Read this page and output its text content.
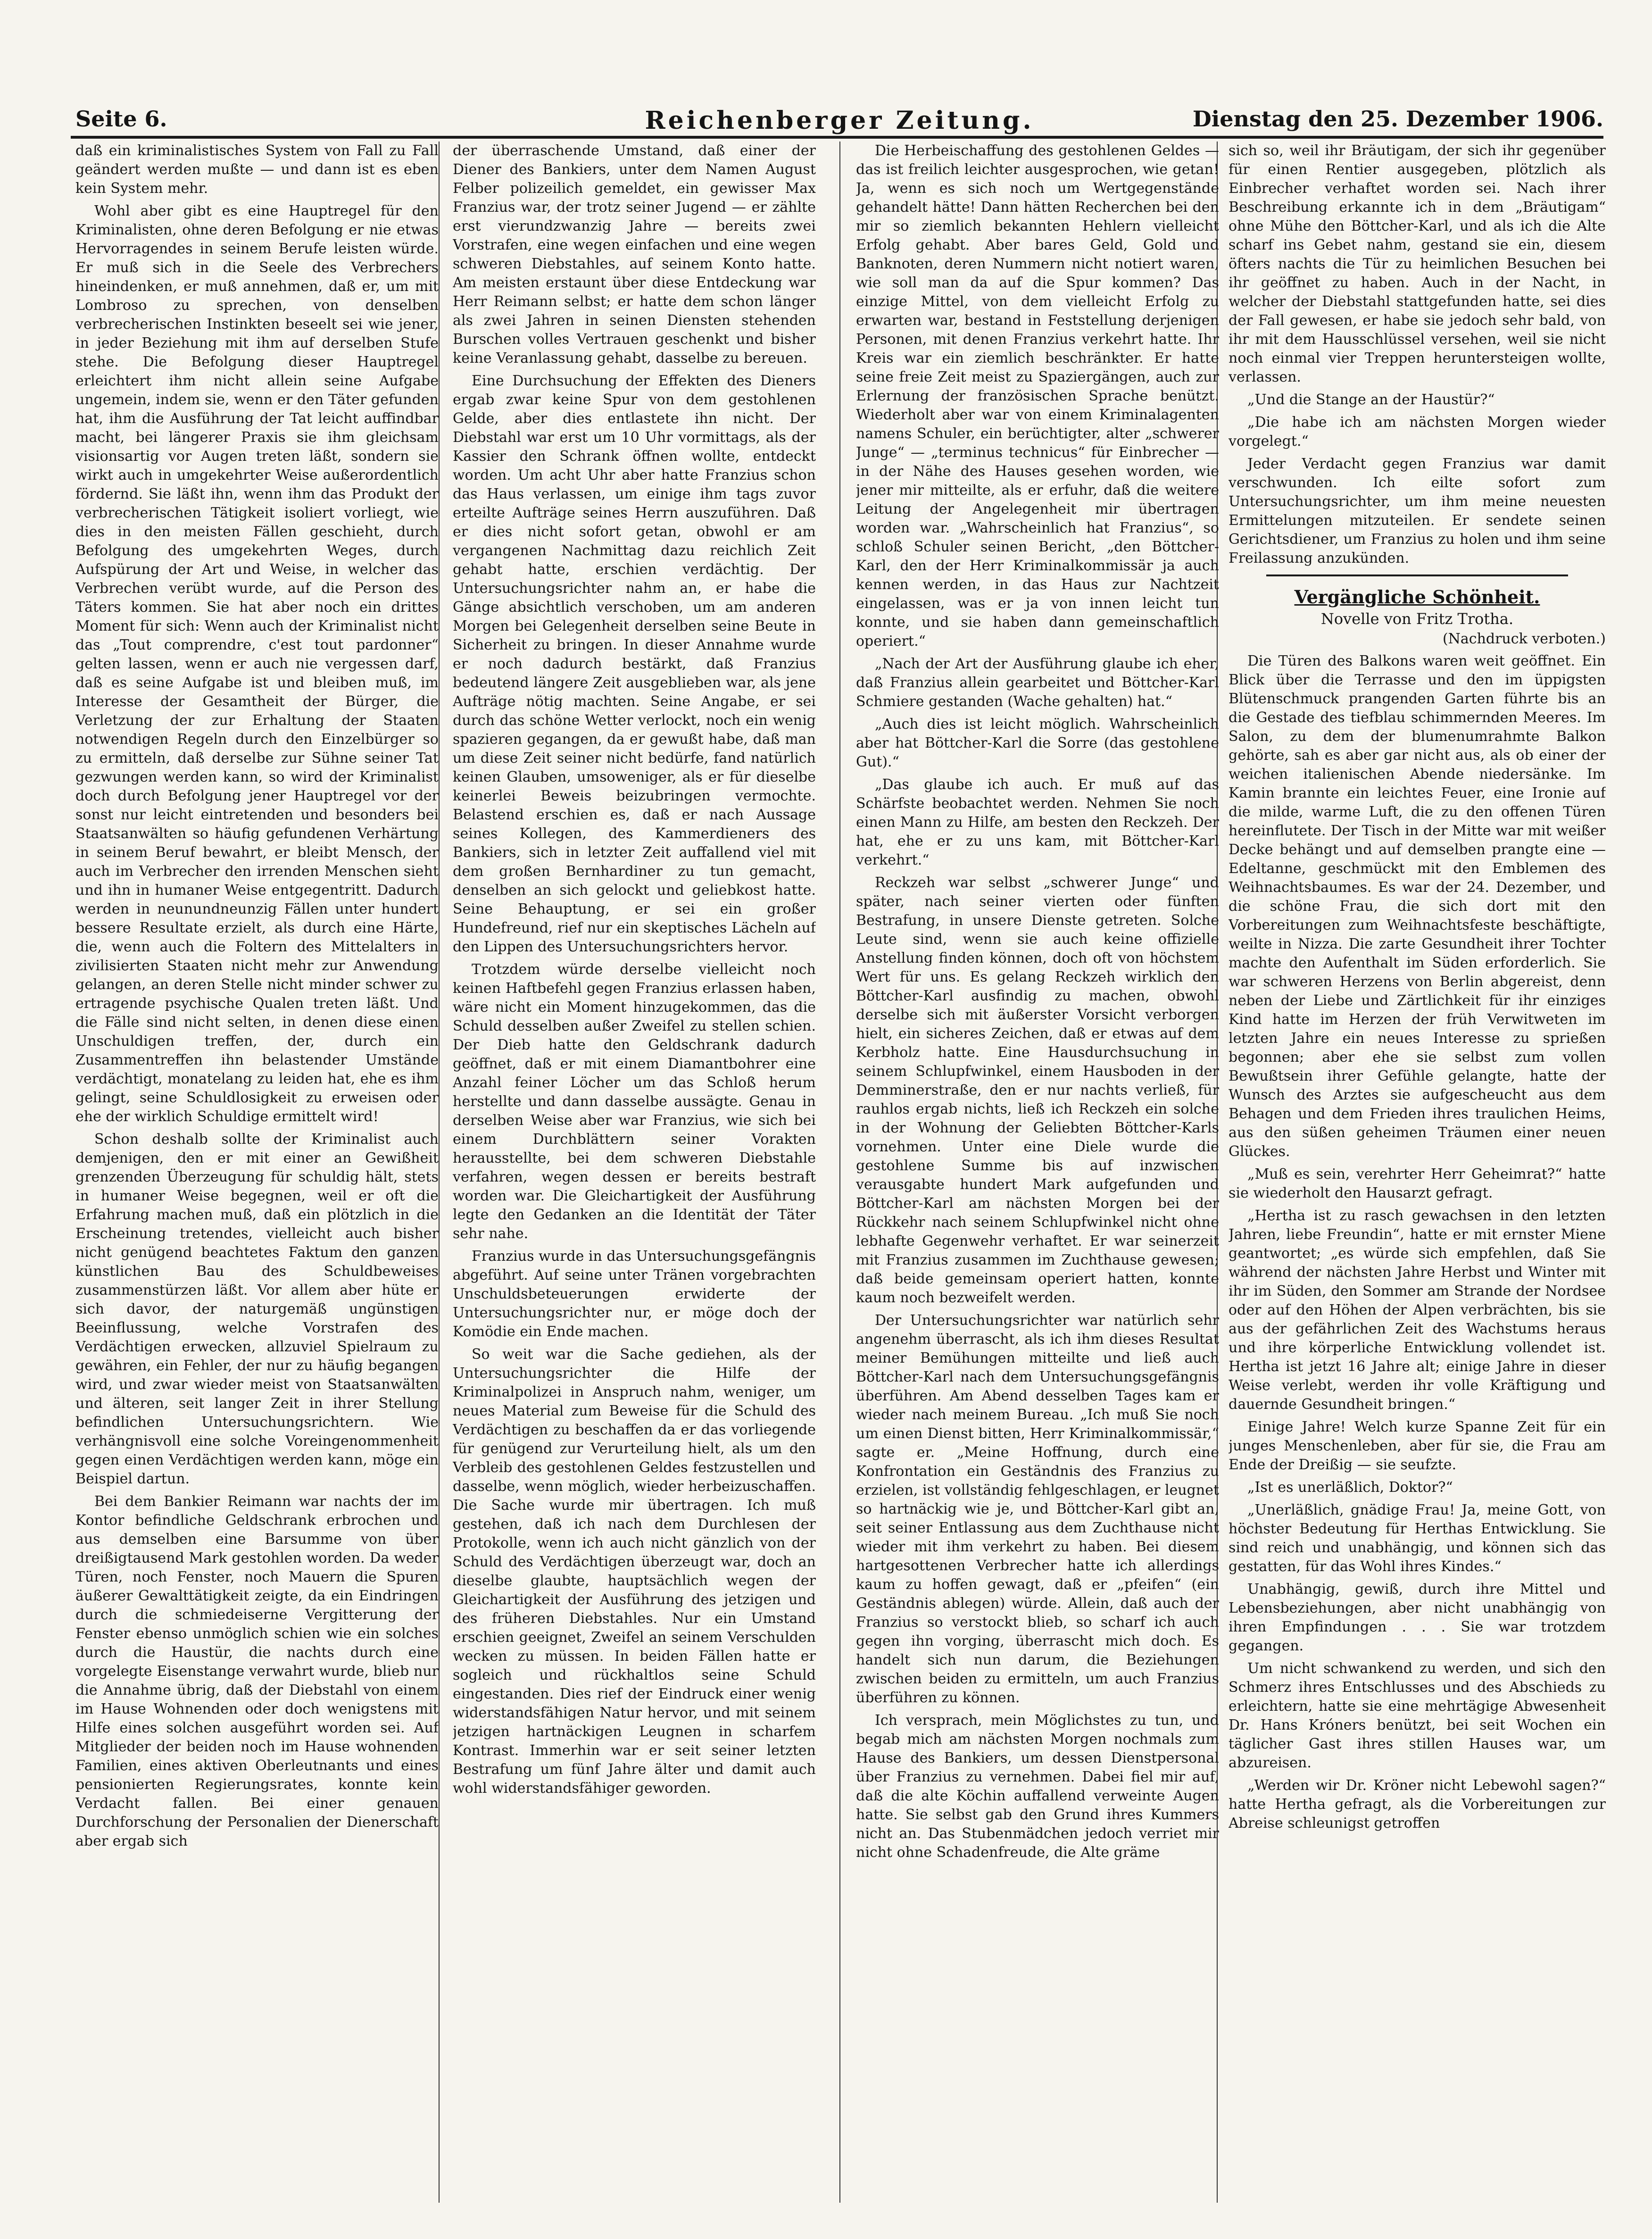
Seite 6.	Reichenberger Zeitung.	Dienstag den 25. Dezember 1906.

daß ein kriminalistisches System von Fall zu Fall geändert werden mußte — und dann ist es eben kein System mehr.

Wohl aber gibt es eine Hauptregel für den Kriminalisten, ohne deren Befolgung er nie etwas Hervorragendes in seinem Berufe leisten würde. Er muß sich in die Seele des Verbrechers hineindenken, er muß annehmen, daß er, um mit Lombroso zu sprechen, von denselben verbrecherischen Instinkten beseelt sei wie jener, in jeder Beziehung mit ihm auf derselben Stufe stehe. Die Befolgung dieser Hauptregel erleichtert ihm nicht allein seine Aufgabe ungemein, indem sie, wenn er den Täter gefunden hat, ihm die Ausführung der Tat leicht auffindbar macht, bei längerer Praxis sie ihm gleichsam visionsartig vor Augen treten läßt, sondern sie wirkt auch in umgekehrter Weise außerordentlich fördernd. Sie läßt ihn, wenn ihm das Produkt der verbrecherischen Tätigkeit isoliert vorliegt, wie dies in den meisten Fällen geschieht, durch Befolgung des umgekehrten Weges, durch Aufspürung der Art und Weise, in welcher das Verbrechen verübt wurde, auf die Person des Täters kommen. Sie hat aber noch ein drittes Moment für sich: Wenn auch der Kriminalist nicht das „Tout comprendre, c'est tout pardonner“ gelten lassen, wenn er auch nie vergessen darf, daß es seine Aufgabe ist und bleiben muß, im Interesse der Gesamtheit der Bürger, die Verletzung der zur Erhaltung der Staaten notwendigen Regeln durch den Einzelbürger so zu ermitteln, daß derselbe zur Sühne seiner Tat gezwungen werden kann, so wird der Kriminalist doch durch Befolgung jener Hauptregel vor der sonst nur leicht eintretenden und besonders bei Staatsanwälten so häufig gefundenen Verhärtung in seinem Beruf bewahrt, er bleibt Mensch, der auch im Verbrecher den irrenden Menschen sieht und ihn in humaner Weise entgegentritt. Dadurch werden in neunundneunzig Fällen unter hundert bessere Resultate erzielt, als durch eine Härte, die, wenn auch die Foltern des Mittelalters in zivilisierten Staaten nicht mehr zur Anwendung gelangen, an deren Stelle nicht minder schwer zu ertragende psychische Qualen treten läßt. Und die Fälle sind nicht selten, in denen diese einen Unschuldigen treffen, der, durch ein Zusammentreffen ihn belastender Umstände verdächtigt, monatelang zu leiden hat, ehe es ihm gelingt, seine Schuldlosigkeit zu erweisen oder ehe der wirklich Schuldige ermittelt wird!

Schon deshalb sollte der Kriminalist auch demjenigen, den er mit einer an Gewißheit grenzenden Überzeugung für schuldig hält, stets in humaner Weise begegnen, weil er oft die Erfahrung machen muß, daß ein plötzlich in die Erscheinung tretendes, vielleicht auch bisher nicht genügend beachtetes Faktum den ganzen künstlichen Bau des Schuldbeweises zusammenstürzen läßt. Vor allem aber hüte er sich davor, der naturgemäß ungünstigen Beeinflussung, welche Vorstrafen des Verdächtigen erwecken, allzuviel Spielraum zu gewähren, ein Fehler, der nur zu häufig begangen wird, und zwar wieder meist von Staatsanwälten und älteren, seit langer Zeit in ihrer Stellung befindlichen Untersuchungsrichtern. Wie verhängnisvoll eine solche Voreingenommenheit gegen einen Verdächtigen werden kann, möge ein Beispiel dartun.

Bei dem Bankier Reimann war nachts der im Kontor befindliche Geldschrank erbrochen und aus demselben eine Barsumme von über dreißigtausend Mark gestohlen worden. Da weder Türen, noch Fenster, noch Mauern die Spuren äußerer Gewalttätigkeit zeigte, da ein Eindringen durch die schmiedeiserne Vergitterung der Fenster ebenso unmöglich schien wie ein solches durch die Haustür, die nachts durch eine vorgelegte Eisenstange verwahrt wurde, blieb nur die Annahme übrig, daß der Diebstahl von einem im Hause Wohnenden oder doch wenigstens mit Hilfe eines solchen ausgeführt worden sei. Auf Mitglieder der beiden noch im Hause wohnenden Familien, eines aktiven Oberleutnants und eines pensionierten Regierungsrates, konnte kein Verdacht fallen. Bei einer genauen Durchforschung der Personalien der Dienerschaft aber ergab sich

der überraschende Umstand, daß einer der Diener des Bankiers, unter dem Namen August Felber polizeilich gemeldet, ein gewisser Max Franzius war, der trotz seiner Jugend — er zählte erst vierundzwanzig Jahre — bereits zwei Vorstrafen, eine wegen einfachen und eine wegen schweren Diebstahles, auf seinem Konto hatte. Am meisten erstaunt über diese Entdeckung war Herr Reimann selbst; er hatte dem schon länger als zwei Jahren in seinen Diensten stehenden Burschen volles Vertrauen geschenkt und bisher keine Veranlassung gehabt, dasselbe zu bereuen.

Eine Durchsuchung der Effekten des Dieners ergab zwar keine Spur von dem gestohlenen Gelde, aber dies entlastete ihn nicht. Der Diebstahl war erst um 10 Uhr vormittags, als der Kassier den Schrank öffnen wollte, entdeckt worden. Um acht Uhr aber hatte Franzius schon das Haus verlassen, um einige ihm tags zuvor erteilte Aufträge seines Herrn auszuführen. Daß er dies nicht sofort getan, obwohl er am vergangenen Nachmittag dazu reichlich Zeit gehabt hatte, erschien verdächtig. Der Untersuchungsrichter nahm an, er habe die Gänge absichtlich verschoben, um am anderen Morgen bei Gelegenheit derselben seine Beute in Sicherheit zu bringen. In dieser Annahme wurde er noch dadurch bestärkt, daß Franzius bedeutend längere Zeit ausgeblieben war, als jene Aufträge nötig machten. Seine Angabe, er sei durch das schöne Wetter verlockt, noch ein wenig spazieren gegangen, da er gewußt habe, daß man um diese Zeit seiner nicht bedürfe, fand natürlich keinen Glauben, umsoweniger, als er für dieselbe keinerlei Beweis beizubringen vermochte. Belastend erschien es, daß er nach Aussage seines Kollegen, des Kammerdieners des Bankiers, sich in letzter Zeit auffallend viel mit dem großen Bernhardiner zu tun gemacht, denselben an sich gelockt und geliebkost hatte. Seine Behauptung, er sei ein großer Hundefreund, rief nur ein skeptisches Lächeln auf den Lippen des Untersuchungsrichters hervor.

Trotzdem würde derselbe vielleicht noch keinen Haftbefehl gegen Franzius erlassen haben, wäre nicht ein Moment hinzugekommen, das die Schuld desselben außer Zweifel zu stellen schien. Der Dieb hatte den Geldschrank dadurch geöffnet, daß er mit einem Diamantbohrer eine Anzahl feiner Löcher um das Schloß herum herstellte und dann dasselbe aussägte. Genau in derselben Weise aber war Franzius, wie sich bei einem Durchblättern seiner Vorakten herausstellte, bei dem schweren Diebstahle verfahren, wegen dessen er bereits bestraft worden war. Die Gleichartigkeit der Ausführung legte den Gedanken an die Identität der Täter sehr nahe.

Franzius wurde in das Untersuchungsgefängnis abgeführt. Auf seine unter Tränen vorgebrachten Unschuldsbeteuerungen erwiderte der Untersuchungsrichter nur, er möge doch der Komödie ein Ende machen.

So weit war die Sache gediehen, als der Untersuchungsrichter die Hilfe der Kriminalpolizei in Anspruch nahm, weniger, um neues Material zum Beweise für die Schuld des Verdächtigen zu beschaffen da er das vorliegende für genügend zur Verurteilung hielt, als um den Verbleib des gestohlenen Geldes festzustellen und dasselbe, wenn möglich, wieder herbeizuschaffen. Die Sache wurde mir übertragen. Ich muß gestehen, daß ich nach dem Durchlesen der Protokolle, wenn ich auch nicht gänzlich von der Schuld des Verdächtigen überzeugt war, doch an dieselbe glaubte, hauptsächlich wegen der Gleichartigkeit der Ausführung des jetzigen und des früheren Diebstahles. Nur ein Umstand erschien geeignet, Zweifel an seinem Verschulden wecken zu müssen. In beiden Fällen hatte er sogleich und rückhaltlos seine Schuld eingestanden. Dies rief der Eindruck einer wenig widerstandsfähigen Natur hervor, und mit seinem jetzigen hartnäckigen Leugnen in scharfem Kontrast. Immerhin war er seit seiner letzten Bestrafung um fünf Jahre älter und damit auch wohl widerstandsfähiger geworden.

Die Herbeischaffung des gestohlenen Geldes — das ist freilich leichter ausgesprochen, wie getan! Ja, wenn es sich noch um Wertgegenstände gehandelt hätte! Dann hätten Recherchen bei den mir so ziemlich bekannten Hehlern vielleicht Erfolg gehabt. Aber bares Geld, Gold und Banknoten, deren Nummern nicht notiert waren, wie soll man da auf die Spur kommen? Das einzige Mittel, von dem vielleicht Erfolg zu erwarten war, bestand in Feststellung derjenigen Personen, mit denen Franzius verkehrt hatte. Ihr Kreis war ein ziemlich beschränkter. Er hatte seine freie Zeit meist zu Spaziergängen, auch zur Erlernung der französischen Sprache benützt. Wiederholt aber war von einem Kriminalagenten namens Schuler, ein berüchtigter, alter „schwerer Junge“ — „terminus technicus“ für Einbrecher — in der Nähe des Hauses gesehen worden, wie jener mir mitteilte, als er erfuhr, daß die weitere Leitung der Angelegenheit mir übertragen worden war. „Wahrscheinlich hat Franzius“, so schloß Schuler seinen Bericht, „den Böttcher-Karl, den der Herr Kriminalkommissär ja auch kennen werden, in das Haus zur Nachtzeit eingelassen, was er ja von innen leicht tun konnte, und sie haben dann gemeinschaftlich operiert.“

„Nach der Art der Ausführung glaube ich eher, daß Franzius allein gearbeitet und Böttcher-Karl Schmiere gestanden (Wache gehalten) hat.“

„Auch dies ist leicht möglich. Wahrscheinlich aber hat Böttcher-Karl die Sorre (das gestohlene Gut).“

„Das glaube ich auch. Er muß auf das Schärfste beobachtet werden. Nehmen Sie noch einen Mann zu Hilfe, am besten den Reckzeh. Der hat, ehe er zu uns kam, mit Böttcher-Karl verkehrt.“

Reckzeh war selbst „schwerer Junge“ und später, nach seiner vierten oder fünften Bestrafung, in unsere Dienste getreten. Solche Leute sind, wenn sie auch keine offizielle Anstellung finden können, doch oft von höchstem Wert für uns. Es gelang Reckzeh wirklich den Böttcher-Karl ausfindig zu machen, obwohl derselbe sich mit äußerster Vorsicht verborgen hielt, ein sicheres Zeichen, daß er etwas auf dem Kerbholz hatte. Eine Hausdurchsuchung in seinem Schlupfwinkel, einem Hausboden in der Demminerstraße, den er nur nachts verließ, für rauhlos ergab nichts, ließ ich Reckzeh ein solche in der Wohnung der Geliebten Böttcher-Karls vornehmen. Unter eine Diele wurde die gestohlene Summe bis auf inzwischen verausgabte hundert Mark aufgefunden und Böttcher-Karl am nächsten Morgen bei der Rückkehr nach seinem Schlupfwinkel nicht ohne lebhafte Gegenwehr verhaftet. Er war seinerzeit mit Franzius zusammen im Zuchthause gewesen; daß beide gemeinsam operiert hatten, konnte kaum noch bezweifelt werden.

Der Untersuchungsrichter war natürlich sehr angenehm überrascht, als ich ihm dieses Resultat meiner Bemühungen mitteilte und ließ auch Böttcher-Karl nach dem Untersuchungsgefängnis überführen. Am Abend desselben Tages kam er wieder nach meinem Bureau. „Ich muß Sie noch um einen Dienst bitten, Herr Kriminalkommissär,“ sagte er. „Meine Hoffnung, durch eine Konfrontation ein Geständnis des Franzius zu erzielen, ist vollständig fehlgeschlagen, er leugnet so hartnäckig wie je, und Böttcher-Karl gibt an, seit seiner Entlassung aus dem Zuchthause nicht wieder mit ihm verkehrt zu haben. Bei diesem hartgesottenen Verbrecher hatte ich allerdings kaum zu hoffen gewagt, daß er „pfeifen“ (ein Geständnis ablegen) würde. Allein, daß auch der Franzius so verstockt blieb, so scharf ich auch gegen ihn vorging, überrascht mich doch. Es handelt sich nun darum, die Beziehungen zwischen beiden zu ermitteln, um auch Franzius überführen zu können.

Ich versprach, mein Möglichstes zu tun, und begab mich am nächsten Morgen nochmals zum Hause des Bankiers, um dessen Dienstpersonal über Franzius zu vernehmen. Dabei fiel mir auf, daß die alte Köchin auffallend verweinte Augen hatte. Sie selbst gab den Grund ihres Kummers nicht an. Das Stubenmädchen jedoch verriet mir nicht ohne Schadenfreude, die Alte gräme

sich so, weil ihr Bräutigam, der sich ihr gegenüber für einen Rentier ausgegeben, plötzlich als Einbrecher verhaftet worden sei. Nach ihrer Beschreibung erkannte ich in dem „Bräutigam“ ohne Mühe den Böttcher-Karl, und als ich die Alte scharf ins Gebet nahm, gestand sie ein, diesem öfters nachts die Tür zu heimlichen Besuchen bei ihr geöffnet zu haben. Auch in der Nacht, in welcher der Diebstahl stattgefunden hatte, sei dies der Fall gewesen, er habe sie jedoch sehr bald, von ihr mit dem Hausschlüssel versehen, weil sie nicht noch einmal vier Treppen heruntersteigen wollte, verlassen.

„Und die Stange an der Haustür?“

„Die habe ich am nächsten Morgen wieder vorgelegt.“

Jeder Verdacht gegen Franzius war damit verschwunden. Ich eilte sofort zum Untersuchungsrichter, um ihm meine neuesten Ermittelungen mitzuteilen. Er sendete seinen Gerichtsdiener, um Franzius zu holen und ihm seine Freilassung anzukünden.

Vergängliche Schönheit.
Novelle von Fritz Trotha.
(Nachdruck verboten.)

Die Türen des Balkons waren weit geöffnet. Ein Blick über die Terrasse und den im üppigsten Blütenschmuck prangenden Garten führte bis an die Gestade des tiefblau schimmernden Meeres. Im Salon, zu dem der blumenumrahmte Balkon gehörte, sah es aber gar nicht aus, als ob einer der weichen italienischen Abende niedersänke. Im Kamin brannte ein leichtes Feuer, eine Ironie auf die milde, warme Luft, die zu den offenen Türen hereinflutete. Der Tisch in der Mitte war mit weißer Decke behängt und auf demselben prangte eine — Edeltanne, geschmückt mit den Emblemen des Weihnachtsbaumes. Es war der 24. Dezember, und die schöne Frau, die sich dort mit den Vorbereitungen zum Weihnachtsfeste beschäftigte, weilte in Nizza. Die zarte Gesundheit ihrer Tochter machte den Aufenthalt im Süden erforderlich. Sie war schweren Herzens von Berlin abgereist, denn neben der Liebe und Zärtlichkeit für ihr einziges Kind hatte im Herzen der früh Verwitweten im letzten Jahre ein neues Interesse zu sprießen begonnen; aber ehe sie selbst zum vollen Bewußtsein ihrer Gefühle gelangte, hatte der Wunsch des Arztes sie aufgescheucht aus dem Behagen und dem Frieden ihres traulichen Heims, aus den süßen geheimen Träumen einer neuen Glückes.

„Muß es sein, verehrter Herr Geheimrat?“ hatte sie wiederholt den Hausarzt gefragt.

„Hertha ist zu rasch gewachsen in den letzten Jahren, liebe Freundin“, hatte er mit ernster Miene geantwortet; „es würde sich empfehlen, daß Sie während der nächsten Jahre Herbst und Winter mit ihr im Süden, den Sommer am Strande der Nordsee oder auf den Höhen der Alpen verbrächten, bis sie aus der gefährlichen Zeit des Wachstums heraus und ihre körperliche Entwicklung vollendet ist. Hertha ist jetzt 16 Jahre alt; einige Jahre in dieser Weise verlebt, werden ihr volle Kräftigung und dauernde Gesundheit bringen.“

Einige Jahre! Welch kurze Spanne Zeit für ein junges Menschenleben, aber für sie, die Frau am Ende der Dreißig — sie seufzte.

„Ist es unerläßlich, Doktor?“

„Unerläßlich, gnädige Frau! Ja, meine Gott, von höchster Bedeutung für Herthas Entwicklung. Sie sind reich und unabhängig, und können sich das gestatten, für das Wohl ihres Kindes.“

Unabhängig, gewiß, durch ihre Mittel und Lebensbeziehungen, aber nicht unabhängig von ihren Empfindungen . . . Sie war trotzdem gegangen.

Um nicht schwankend zu werden, und sich den Schmerz ihres Entschlusses und des Abschieds zu erleichtern, hatte sie eine mehrtägige Abwesenheit Dr. Hans Króners benützt, bei seit Wochen ein täglicher Gast ihres stillen Hauses war, um abzureisen.

„Werden wir Dr. Kröner nicht Lebewohl sagen?“ hatte Hertha gefragt, als die Vorbereitungen zur Abreise schleunigst getroffen
